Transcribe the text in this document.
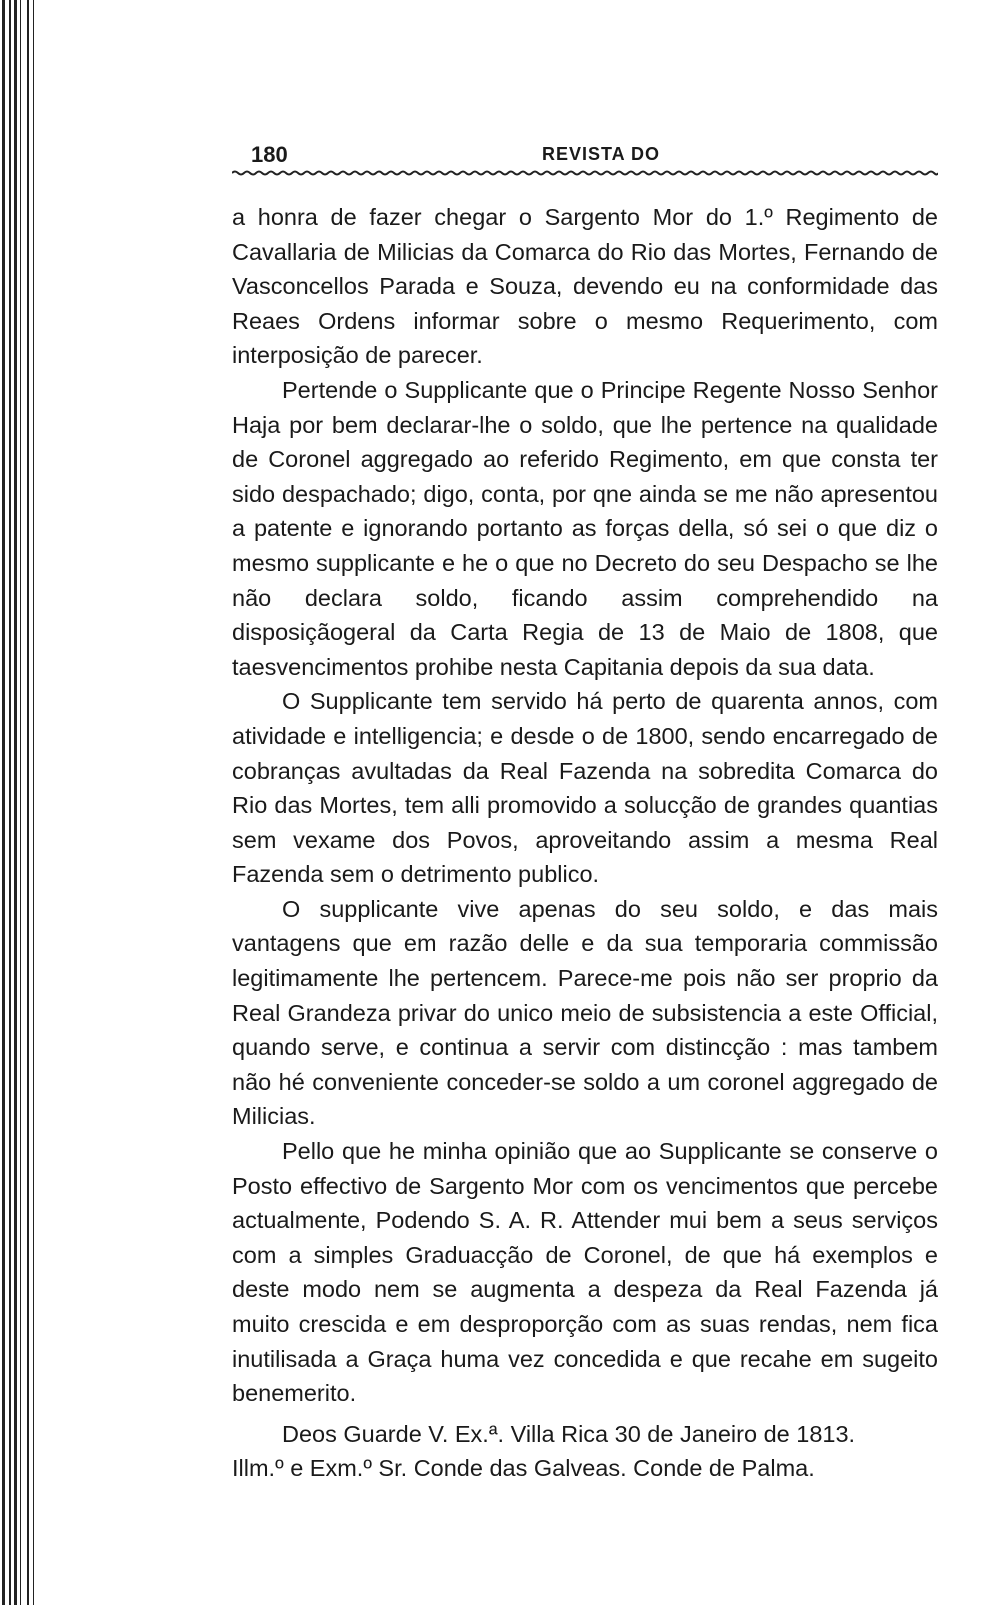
180	REVISTA DO

a honra de fazer chegar o Sargento Mor do 1.º Regimento de Cavallaria de Milicias da Comarca do Rio das Mortes, Fernando de Vasconcellos Parada e Souza, devendo eu na conformidade das Reaes Ordens informar sobre o mesmo Requerimento, com interposição de parecer.

Pertende o Supplicante que o Principe Regente Nosso Senhor Haja por bem declarar-lhe o soldo, que lhe pertence na qualidade de Coronel aggregado ao referido Regimento, em que consta ter sido despachado; digo, conta, por qne ainda se me não apresentou a patente e ignorando portanto as forças della, só sei o que diz o mesmo supplicante e he o que no Decreto do seu Despacho se lhe não declara soldo, ficando assim comprehendido na disposiçãogeral da Carta Regia de 13 de Maio de 1808, que taesvencimentos prohibe nesta Capitania depois da sua data.

O Supplicante tem servido há perto de quarenta annos, com atividade e intelligencia; e desde o de 1800, sendo encarregado de cobranças avultadas da Real Fazenda na sobredita Comarca do Rio das Mortes, tem alli promovido a solucção de grandes quantias sem vexame dos Povos, aproveitando assim a mesma Real Fazenda sem o detrimento publico.

O supplicante vive apenas do seu soldo, e das mais vantagens que em razão delle e da sua temporaria commissão legitimamente lhe pertencem. Parece-me pois não ser proprio da Real Grandeza privar do unico meio de subsistencia a este Official, quando serve, e continua a servir com distincção : mas tambem não hé conveniente conceder-se soldo a um coronel aggregado de Milicias.

Pello que he minha opinião que ao Supplicante se conserve o Posto effectivo de Sargento Mor com os vencimentos que percebe actualmente, Podendo S. A. R. Attender mui bem a seus serviços com a simples Graduacção de Coronel, de que há exemplos e deste modo nem se augmenta a despeza da Real Fazenda já muito crescida e em desproporção com as suas rendas, nem fica inutilisada a Graça huma vez concedida e que recahe em sugeito benemerito.

Deos Guarde V. Ex.ª. Villa Rica 30 de Janeiro de 1813.
Illm.º e Exm.º Sr. Conde das Galveas. Conde de Palma.
